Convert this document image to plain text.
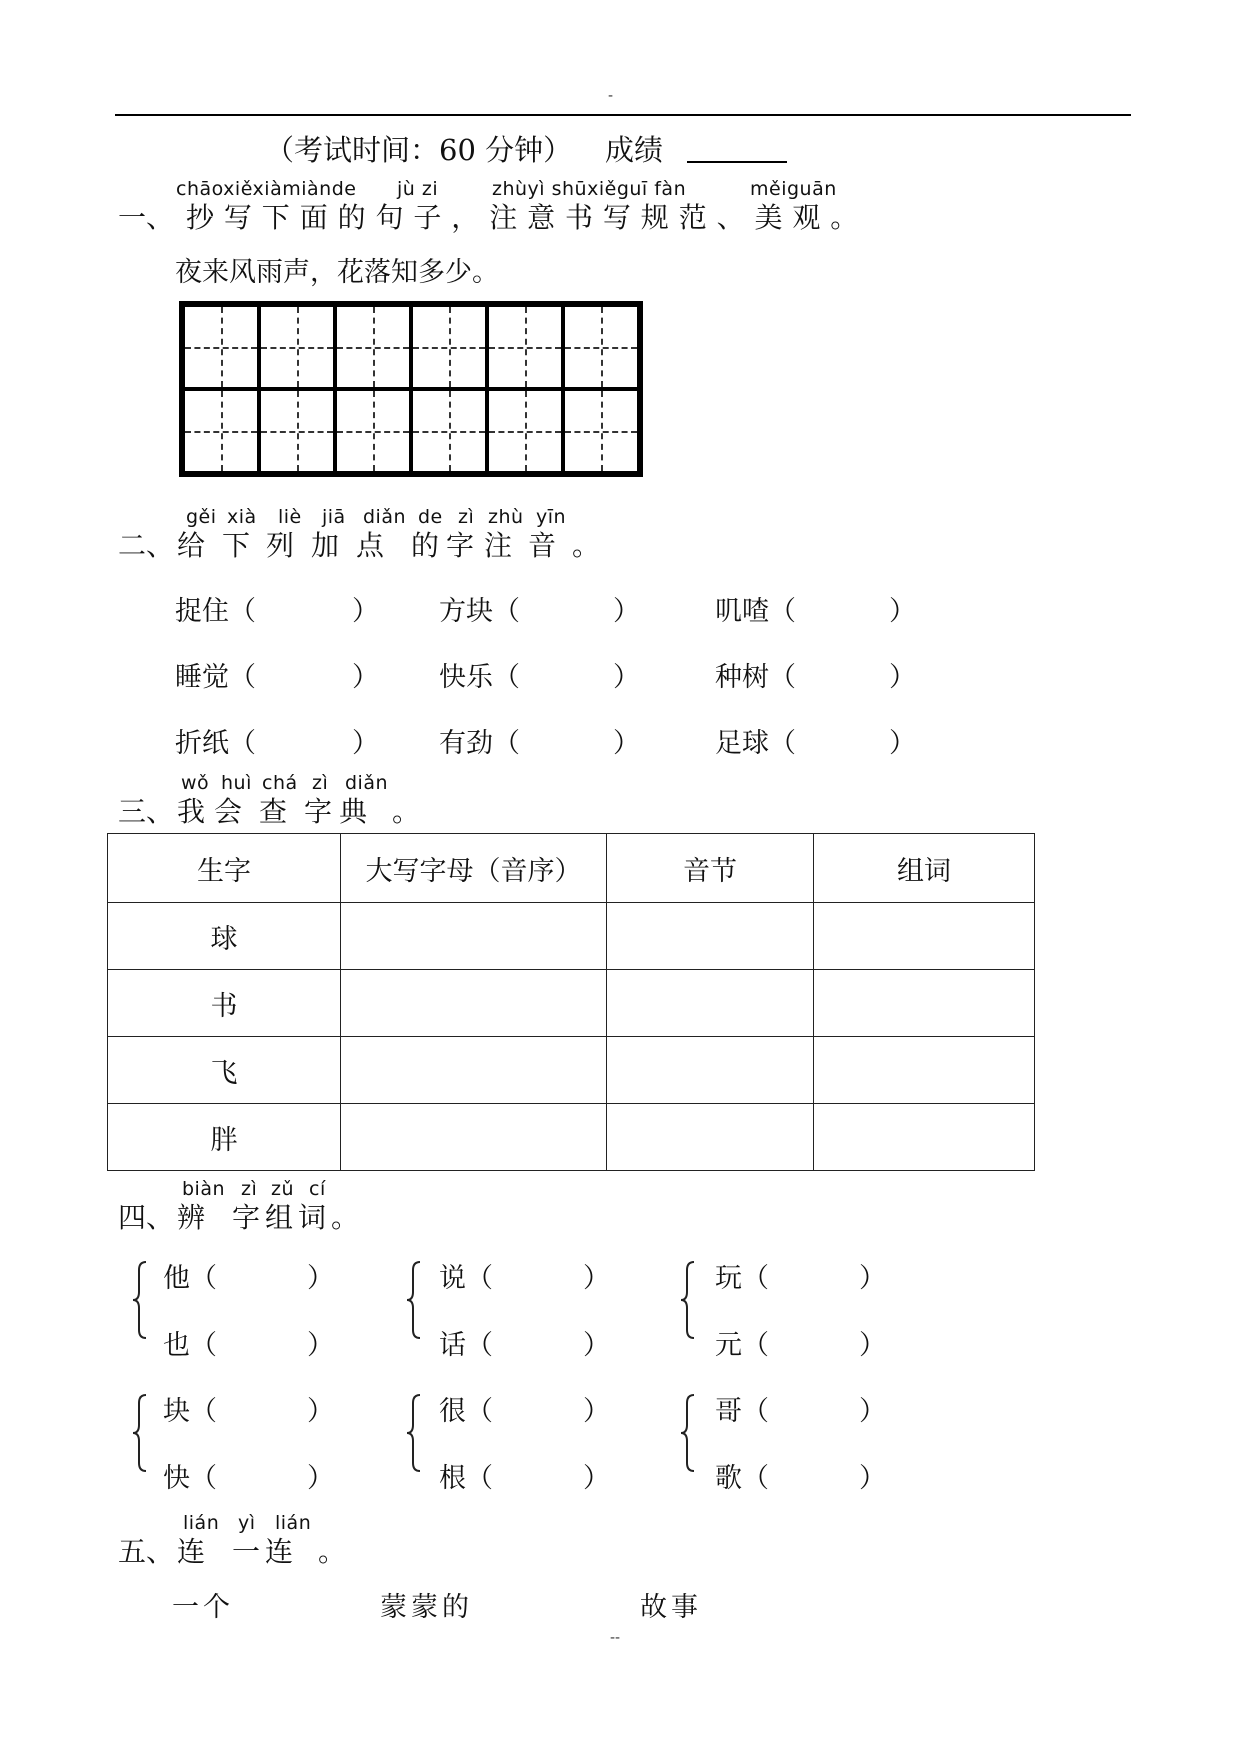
-
（考试时间：60 分钟） 成绩
chāoxiěxiàmiànde jù zi	zhùyì shūxiěguī fàn	měiguān
一、 抄 写 下 面 的 句 子 ， 注 意 书 写 规 范 、 美 观 。
夜来风雨声，花落知多少。
gěi xià liè jiā diǎn de zì zhù yīn
二、 给 下 列 加 点 的 字 注 音 。
捉住（	） 方块（	）	叽喳（	）
睡觉（	） 快乐（	）	种树（	）
折纸（	） 有劲（	）	足球（	）
wǒ huì chá zì diǎn
三、 我 会 查 字 典 。
生字	大写字母（音序）	音节	组词
球			
书			
飞			
胖			
biàn zì zǔ cí
四、 辨 字 组 词 。
他（	）
也（	）
说（	）
话（	）
玩（	）
元（	）
块（	）
快（	）
很（	）
根（	）
哥（	）
歌（	）
lián yì lián
五、 连 一 连 。
一个	蒙蒙的	故事
--
